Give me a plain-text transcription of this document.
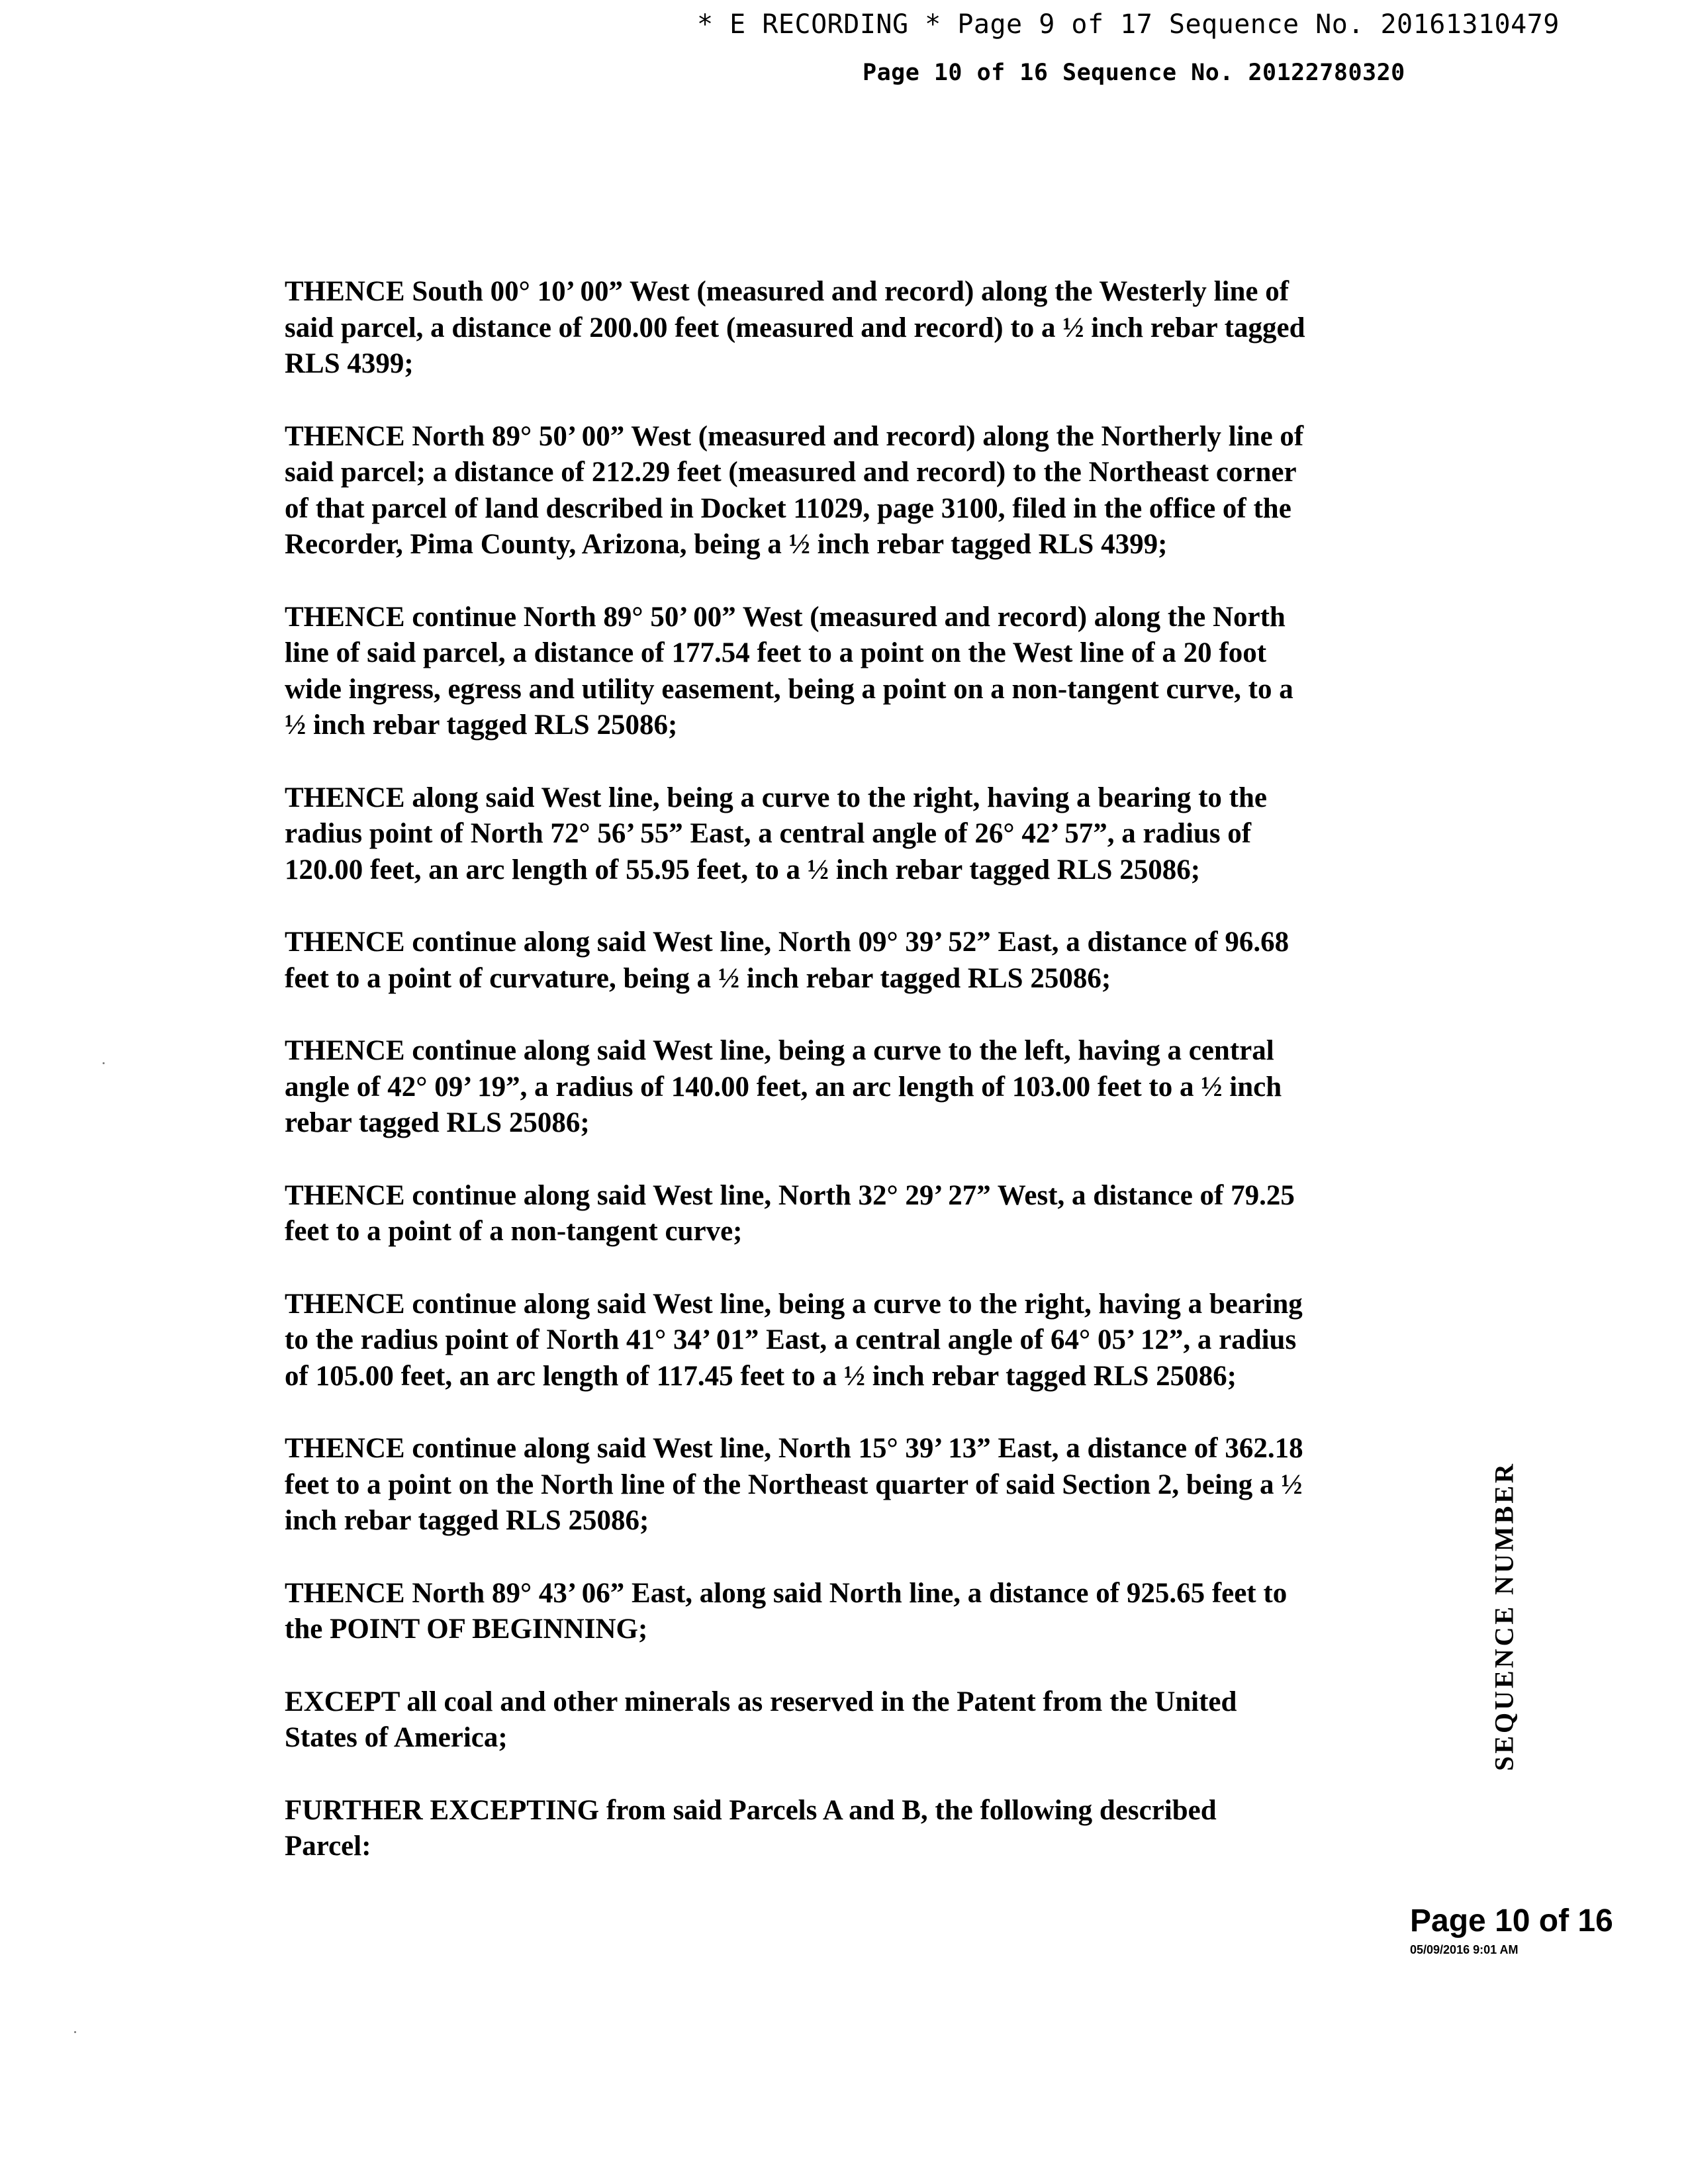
* E RECORDING * Page 9 of 17 Sequence No. 20161310479
Page 10 of 16 Sequence No. 20122780320

THENCE South 00° 10’ 00” West (measured and record) along the Westerly line of
said parcel, a distance of 200.00 feet (measured and record) to a ½ inch rebar tagged
RLS 4399;

THENCE North 89° 50’ 00” West (measured and record) along the Northerly line of
said parcel; a distance of 212.29 feet (measured and record) to the Northeast corner
of that parcel of land described in Docket 11029, page 3100, filed in the office of the
Recorder, Pima County, Arizona, being a ½ inch rebar tagged RLS 4399;

THENCE continue North 89° 50’ 00” West (measured and record) along the North
line of said parcel, a distance of 177.54 feet to a point on the West line of a 20 foot
wide ingress, egress and utility easement, being a point on a non-tangent curve, to a
½ inch rebar tagged RLS 25086;

THENCE along said West line, being a curve to the right, having a bearing to the
radius point of North 72° 56’ 55” East, a central angle of 26° 42’ 57”, a radius of
120.00 feet, an arc length of 55.95 feet, to a ½ inch rebar tagged RLS 25086;

THENCE continue along said West line, North 09° 39’ 52” East, a distance of 96.68
feet to a point of curvature, being a ½ inch rebar tagged RLS 25086;

THENCE continue along said West line, being a curve to the left, having a central
angle of 42° 09’ 19”, a radius of 140.00 feet, an arc length of 103.00 feet to a ½ inch
rebar tagged RLS 25086;

THENCE continue along said West line, North 32° 29’ 27” West, a distance of 79.25
feet to a point of a non-tangent curve;

THENCE continue along said West line, being a curve to the right, having a bearing
to the radius point of North 41° 34’ 01” East, a central angle of 64° 05’ 12”, a radius
of 105.00 feet, an arc length of 117.45 feet to a ½ inch rebar tagged RLS 25086;

THENCE continue along said West line, North 15° 39’ 13” East, a distance of 362.18
feet to a point on the North line of the Northeast quarter of said Section 2, being a ½
inch rebar tagged RLS 25086;

THENCE North 89° 43’ 06” East, along said North line, a distance of 925.65 feet to
the POINT OF BEGINNING;

EXCEPT all coal and other minerals as reserved in the Patent from the United
States of America;

FURTHER EXCEPTING from said Parcels A and B, the following described
Parcel:

SEQUENCE NUMBER
Page 10 of 16
05/09/2016 9:01 AM
